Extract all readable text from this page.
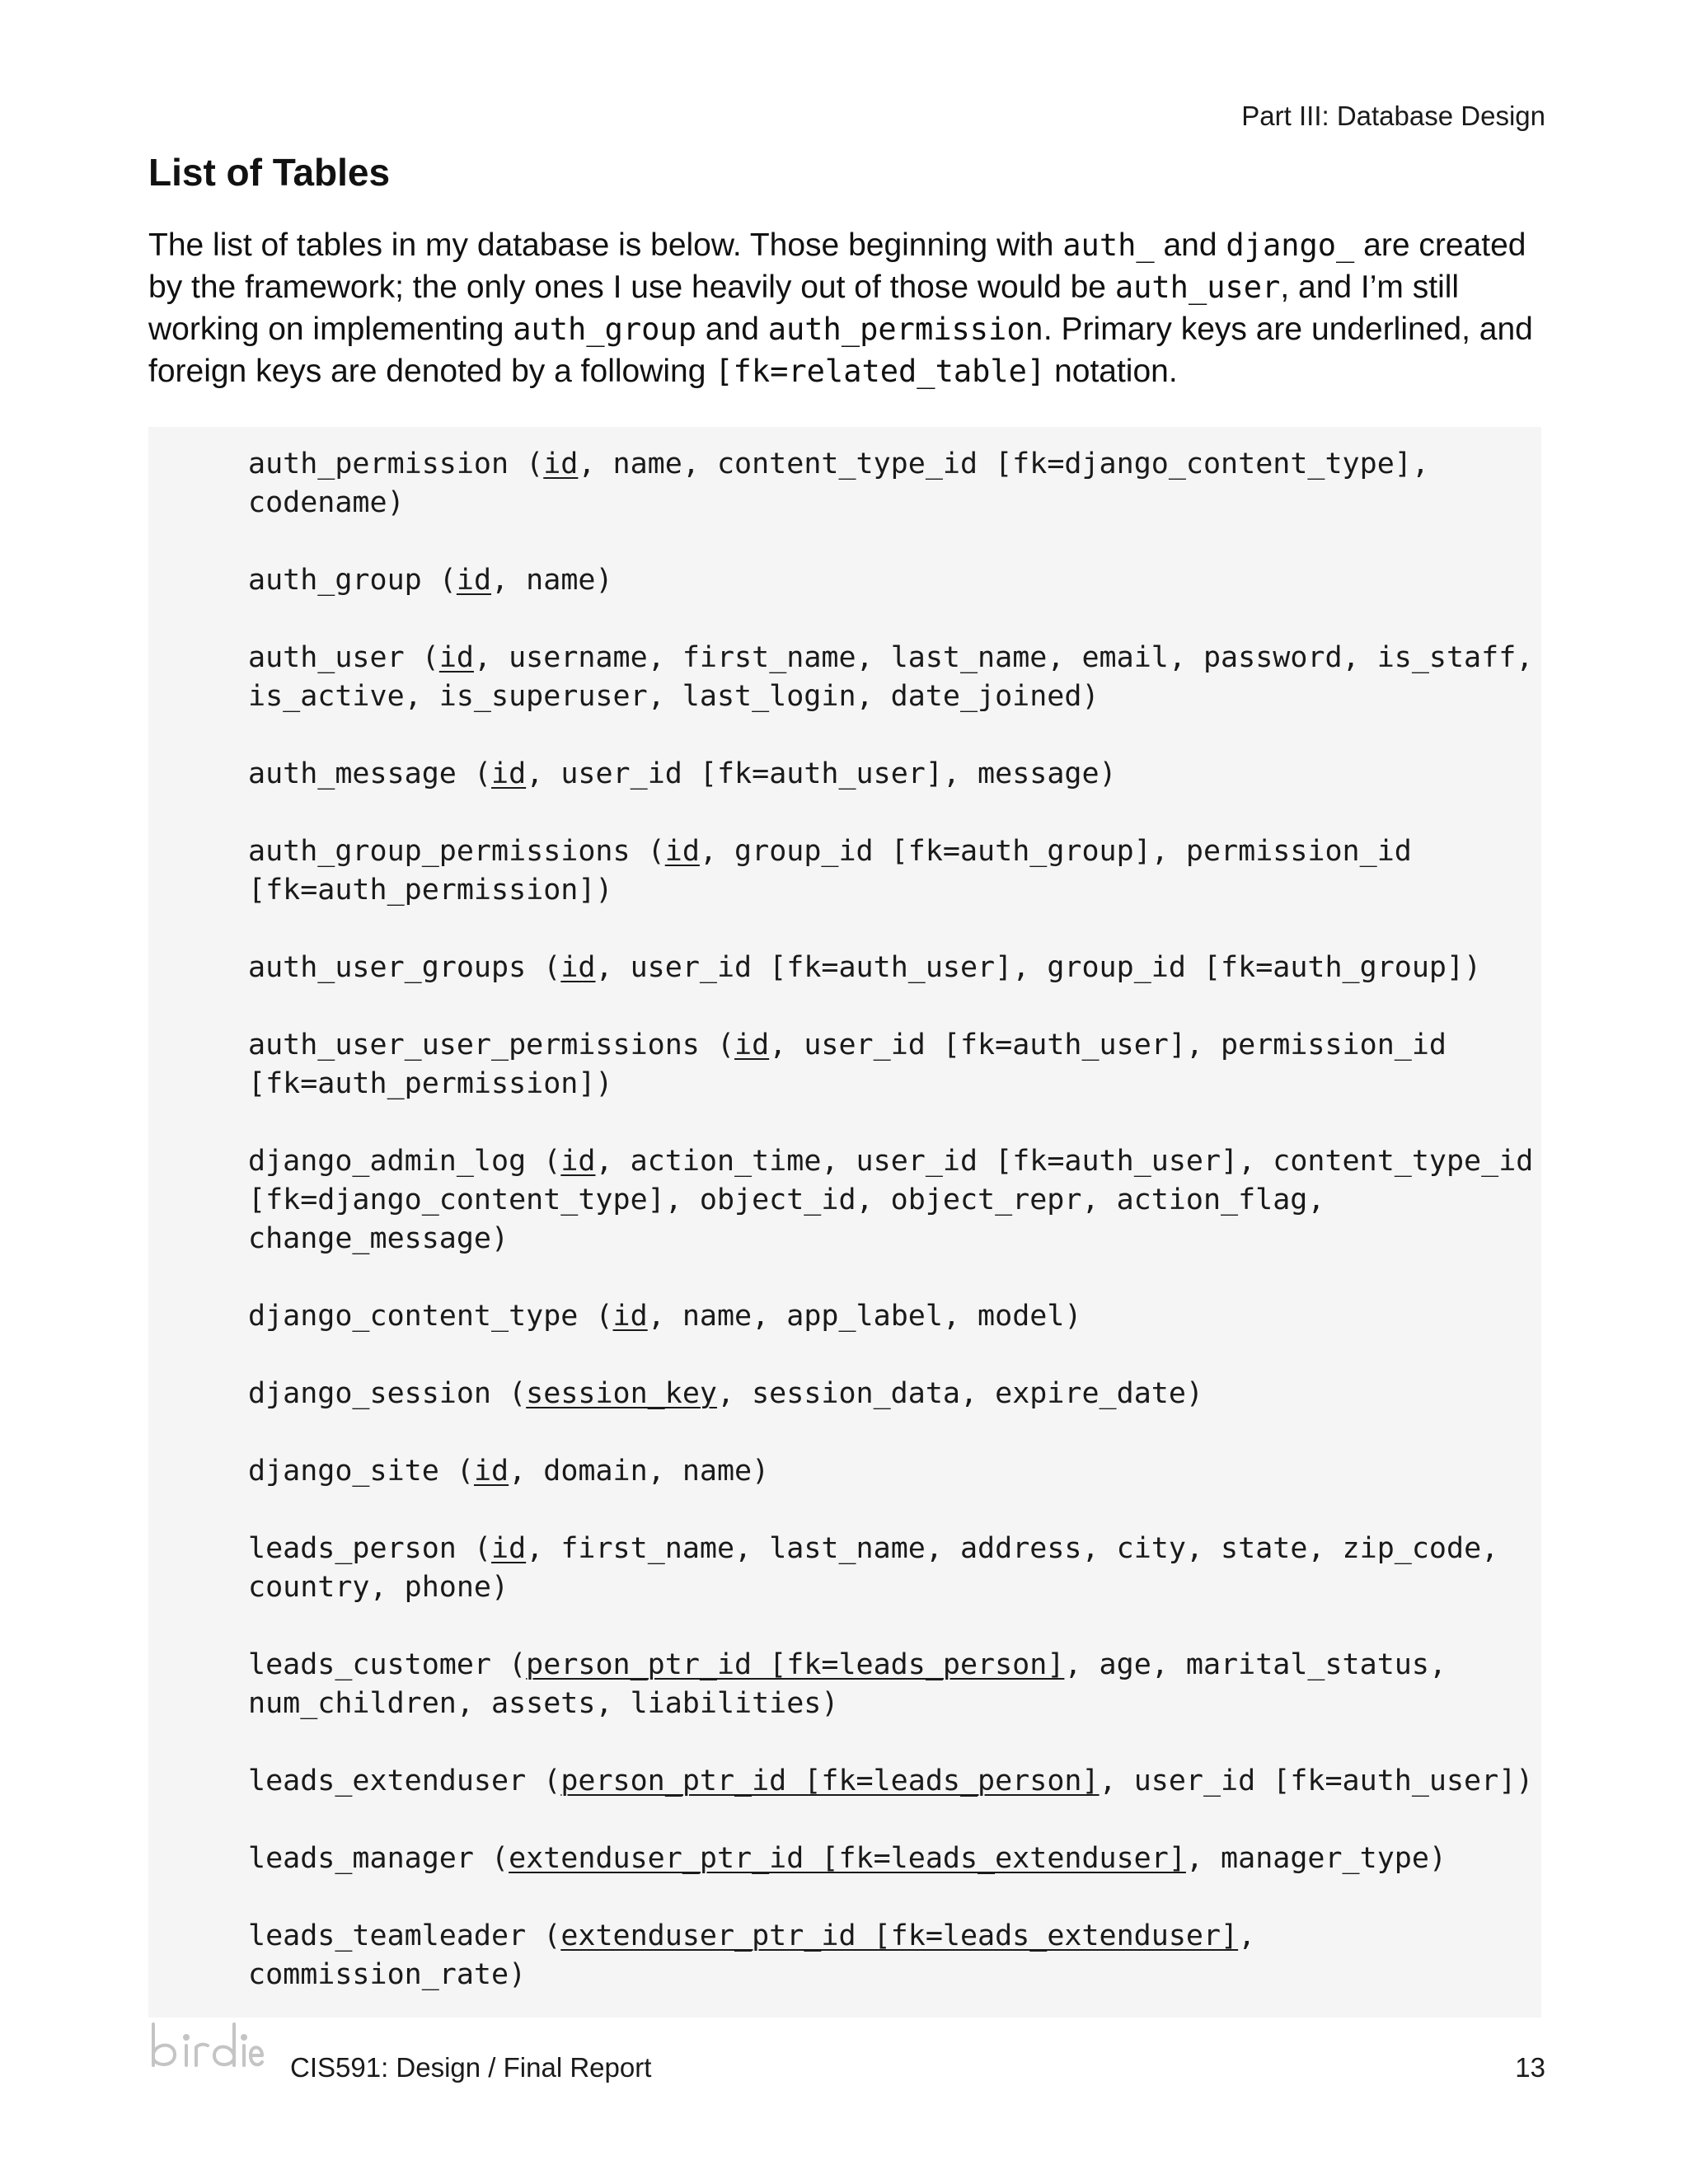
Part III: Database Design
List of Tables

The list of tables in my database is below. Those beginning with auth_ and django_ are created by the framework; the only ones I use heavily out of those would be auth_user, and I’m still working on implementing auth_group and auth_permission. Primary keys are underlined, and foreign keys are denoted by a following [fk=related_table] notation.

auth_permission (id, name, content_type_id [fk=django_content_type], codename)
auth_group (id, name)
auth_user (id, username, first_name, last_name, email, password, is_staff, is_active, is_superuser, last_login, date_joined)
auth_message (id, user_id [fk=auth_user], message)
auth_group_permissions (id, group_id [fk=auth_group], permission_id [fk=auth_permission])
auth_user_groups (id, user_id [fk=auth_user], group_id [fk=auth_group])
auth_user_user_permissions (id, user_id [fk=auth_user], permission_id [fk=auth_permission])
django_admin_log (id, action_time, user_id [fk=auth_user], content_type_id [fk=django_content_type], object_id, object_repr, action_flag, change_message)
django_content_type (id, name, app_label, model)
django_session (session_key, session_data, expire_date)
django_site (id, domain, name)
leads_person (id, first_name, last_name, address, city, state, zip_code, country, phone)
leads_customer (person_ptr_id [fk=leads_person], age, marital_status, num_children, assets, liabilities)
leads_extenduser (person_ptr_id [fk=leads_person], user_id [fk=auth_user])
leads_manager (extenduser_ptr_id [fk=leads_extenduser], manager_type)
leads_teamleader (extenduser_ptr_id [fk=leads_extenduser], commission_rate)
CIS591: Design / Final Report	13
